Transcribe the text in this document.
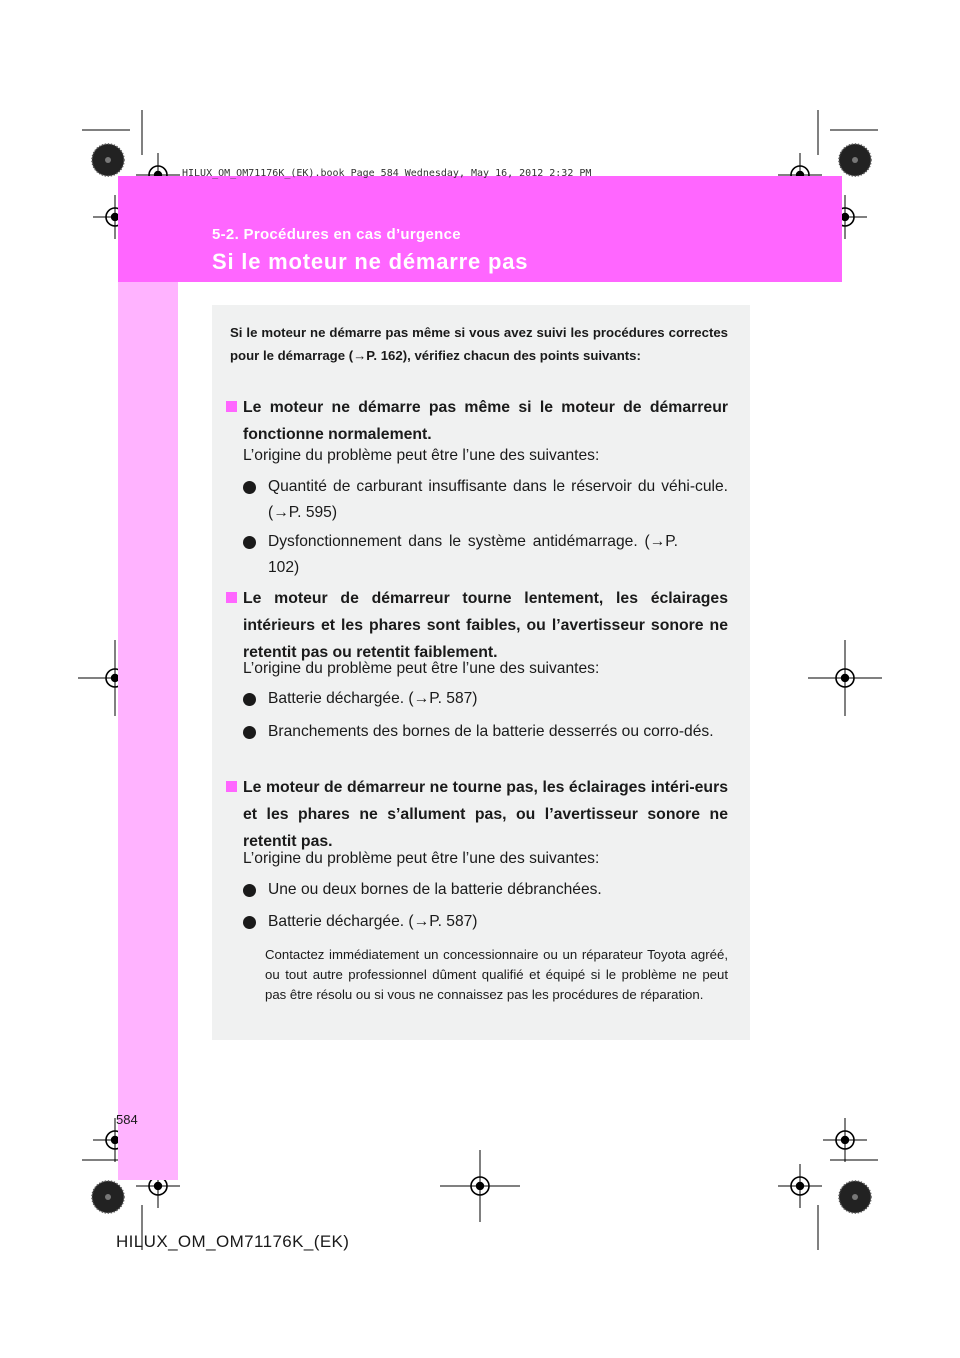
HILUX_OM_OM71176K_(EK).book Page 584 Wednesday, May 16, 2012 2:32 PM
5-2. Procédures en cas d’urgence
Si le moteur ne démarre pas
Si le moteur ne démarre pas même si vous avez suivi les procédures correctes pour le démarrage (→P. 162), vérifiez chacun des points suivants:
Le moteur ne démarre pas même si le moteur de démarreur fonctionne normalement.
L’origine du problème peut être l’une des suivantes:
Quantité de carburant insuffisante dans le réservoir du véhi-cule. (→P. 595)
Dysfonctionnement dans le système antidémarrage. (→P. 102)
Le moteur de démarreur tourne lentement, les éclairages intérieurs et les phares sont faibles, ou l’avertisseur sonore ne retentit pas ou retentit faiblement.
L’origine du problème peut être l’une des suivantes:
Batterie déchargée. (→P. 587)
Branchements des bornes de la batterie desserrés ou corro-dés.
Le moteur de démarreur ne tourne pas, les éclairages intéri-eurs et les phares ne s’allument pas, ou l’avertisseur sonore ne retentit pas.
L’origine du problème peut être l’une des suivantes:
Une ou deux bornes de la batterie débranchées.
Batterie déchargée. (→P. 587)
Contactez immédiatement un concessionnaire ou un réparateur Toyota agréé, ou tout autre professionnel dûment qualifié et équipé si le problème ne peut pas être résolu ou si vous ne connaissez pas les procédures de réparation.
584
HILUX_OM_OM71176K_(EK)
